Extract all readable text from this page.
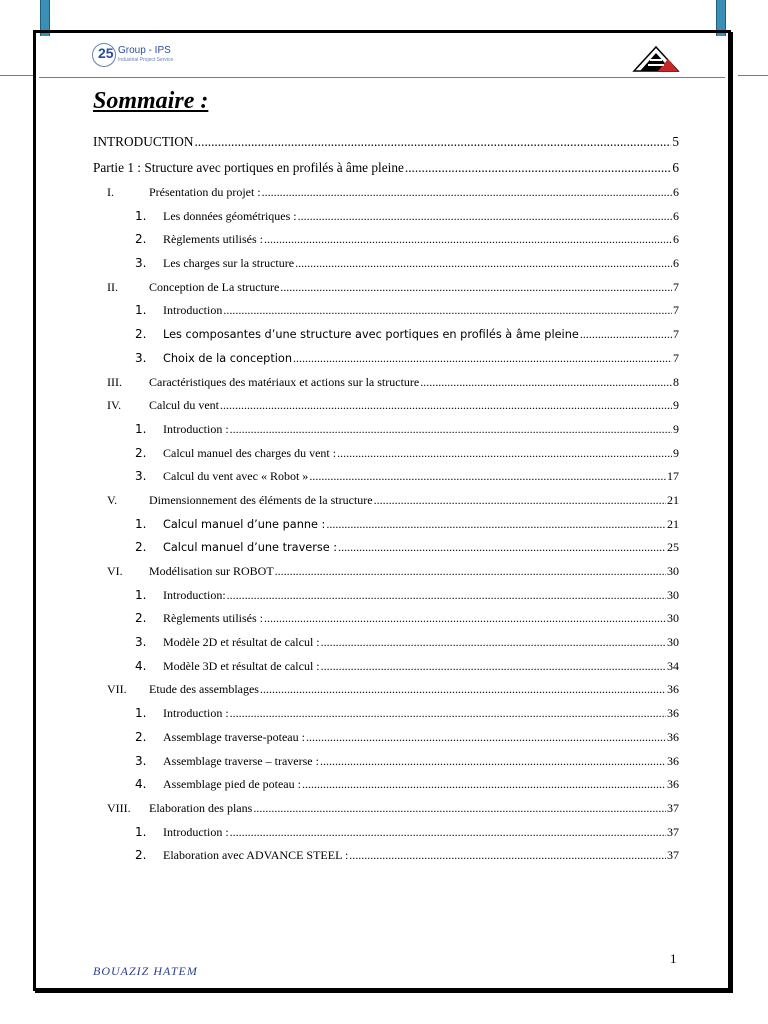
25 Group - IPS
Industrial Project Service
Sommaire :
INTRODUCTION .....	5
Partie 1 : Structure avec portiques en profilés à âme pleine .....	6
I.	Présentation du projet : .....	6
1.	Les données géométriques : .....	6
2.	Règlements utilisés : .....	6
3.	Les charges sur la structure .....	6
II.	Conception de La structure .....	7
1.	Introduction .....	7
2.	Les composantes d’une structure avec portiques en profilés à âme pleine .....	7
3.	Choix de la conception .....	7
III.	Caractéristiques des matériaux et actions sur la structure .....	8
IV.	Calcul du vent .....	9
1.	Introduction : .....	9
2.	Calcul manuel des charges du vent : .....	9
3.	Calcul du vent avec « Robot » .....	17
V.	Dimensionnement des éléments de la structure .....	21
1.	Calcul manuel d’une panne : .....	21
2.	Calcul manuel d’une traverse : .....	25
VI.	Modélisation sur ROBOT .....	30
1.	Introduction: .....	30
2.	Règlements utilisés : .....	30
3.	Modèle 2D et résultat de calcul : .....	30
4.	Modèle 3D et résultat de calcul : .....	34
VII.	Etude des assemblages .....	36
1.	Introduction : .....	36
2.	Assemblage traverse-poteau : .....	36
3.	Assemblage traverse – traverse : .....	36
4.	Assemblage pied de poteau : .....	36
VIII.	Elaboration des plans .....	37
1.	Introduction : .....	37
2.	Elaboration avec ADVANCE STEEL : .....	37
1
BOUAZIZ HATEM
